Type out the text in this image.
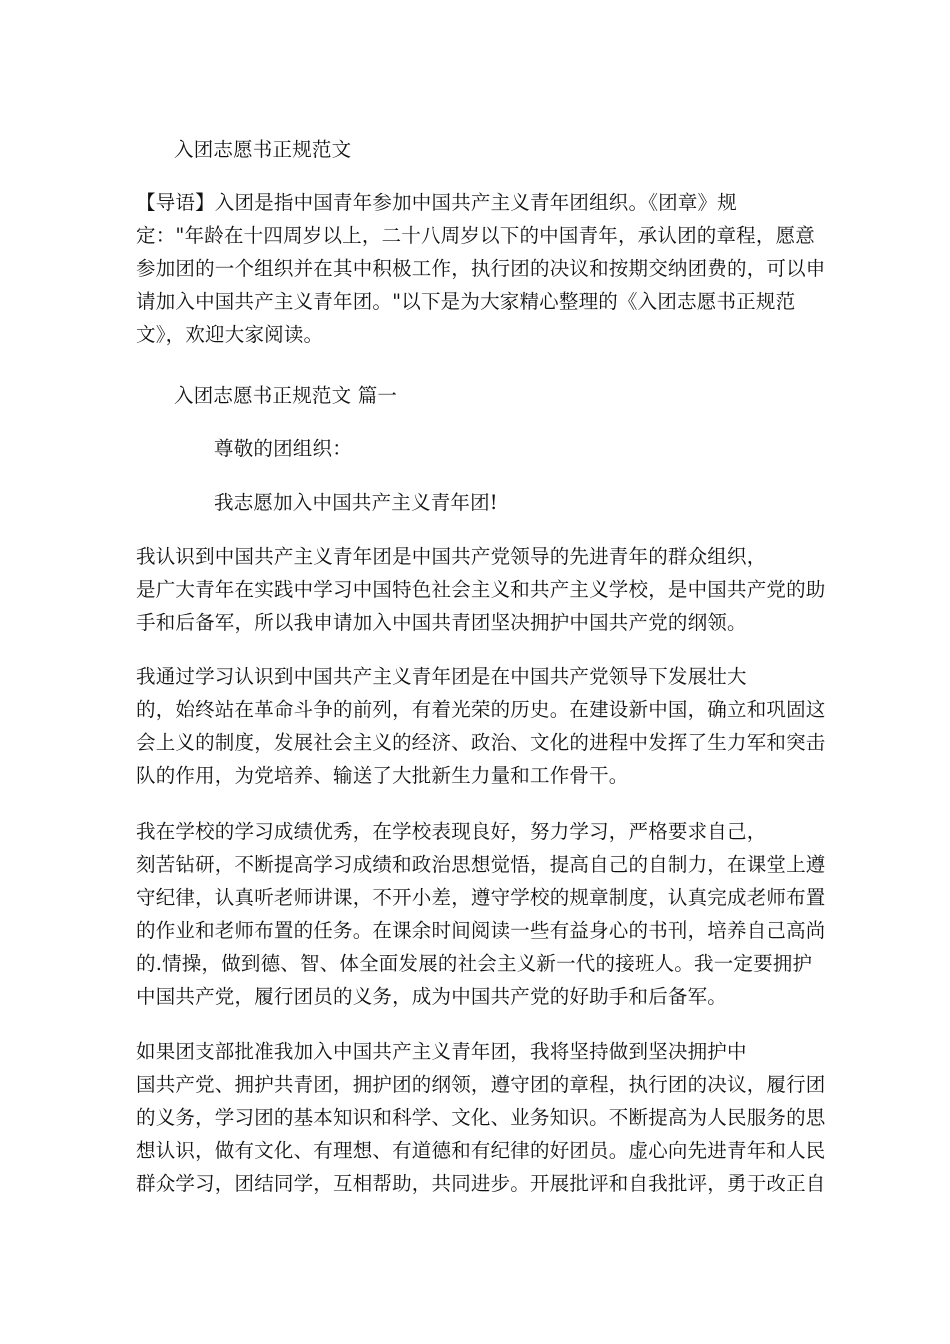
入团志愿书正规范文
【导语】入团是指中国青年参加中国共产主义青年团组织。《团章》规
定："年龄在十四周岁以上，二十八周岁以下的中国青年，承认团的章程，愿意
参加团的一个组织并在其中积极工作，执行团的决议和按期交纳团费的，可以申
请加入中国共产主义青年团。"以下是为大家精心整理的《入团志愿书正规范
文》，欢迎大家阅读。
入团志愿书正规范文 篇一
尊敬的团组织：
我志愿加入中国共产主义青年团!
我认识到中国共产主义青年团是中国共产党领导的先进青年的群众组织，
是广大青年在实践中学习中国特色社会主义和共产主义学校，是中国共产党的助
手和后备军，所以我申请加入中国共青团坚决拥护中国共产党的纲领。
我通过学习认识到中国共产主义青年团是在中国共产党领导下发展壮大
的，始终站在革命斗争的前列，有着光荣的历史。在建设新中国，确立和巩固这
会上义的制度，发展社会主义的经济、政治、文化的进程中发挥了生力军和突击
队的作用，为党培养、输送了大批新生力量和工作骨干。
我在学校的学习成绩优秀，在学校表现良好，努力学习，严格要求自己，
刻苦钻研，不断提高学习成绩和政治思想觉悟，提高自己的自制力，在课堂上遵
守纪律，认真听老师讲课，不开小差，遵守学校的规章制度，认真完成老师布置
的作业和老师布置的任务。在课余时间阅读一些有益身心的书刊，培养自己高尚
的.情操，做到德、智、体全面发展的社会主义新一代的接班人。我一定要拥护
中国共产党，履行团员的义务，成为中国共产党的好助手和后备军。
如果团支部批准我加入中国共产主义青年团，我将坚持做到坚决拥护中
国共产党、拥护共青团，拥护团的纲领，遵守团的章程，执行团的决议，履行团
的义务，学习团的基本知识和科学、文化、业务知识。不断提高为人民服务的思
想认识，做有文化、有理想、有道德和有纪律的好团员。虚心向先进青年和人民
群众学习，团结同学，互相帮助，共同进步。开展批评和自我批评，勇于改正自
